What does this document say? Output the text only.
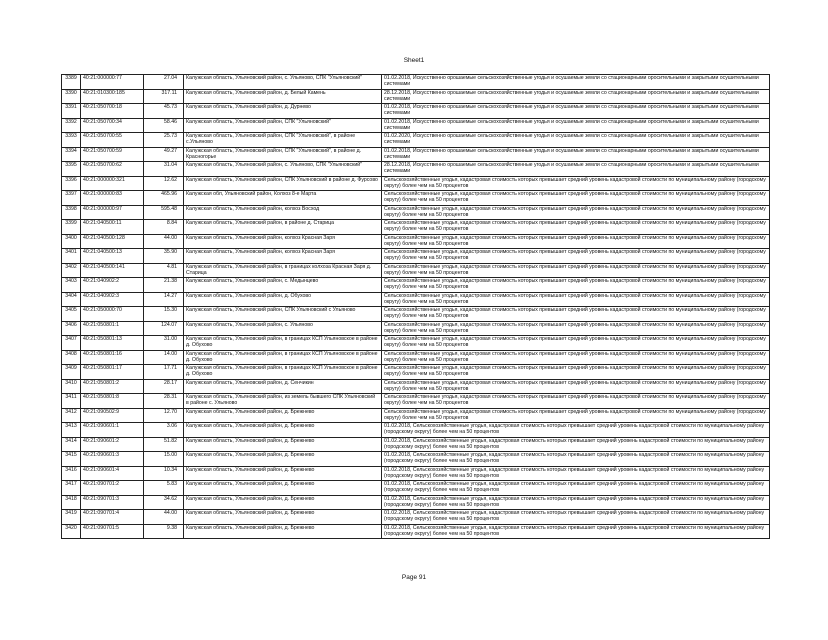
Sheet1
3389	40:21:000000:77	27.04	Калужская область, Ульяновский район, с. Ульяново, СПК "Ульяновский"	01.02.2018, Искусственно орошаемые сельскохозяйственные угодья и осушаемые земли со стационарными оросительными и закрытыми осушительными системами
3390	40:21:010300:185	317.11	Калужская область, Ульяновский район, д. Белый Камень	28.12.2018, Искусственно орошаемые сельскохозяйственные угодья и осушаемые земли со стационарными оросительными и закрытыми осушительными системами
3391	40:21:050700:18	45.73	Калужская область, Ульяновский район, д. Дурнево	01.02.2018, Искусственно орошаемые сельскохозяйственные угодья и осушаемые земли со стационарными оросительными и закрытыми осушительными системами
3392	40:21:050700:34	58.46	Калужская область, Ульяновский район, СПК "Ульяновский"	01.02.2018, Искусственно орошаемые сельскохозяйственные угодья и осушаемые земли со стационарными оросительными и закрытыми осушительными системами
3393	40:21:050700:55	25.73	Калужская область, Ульяновский район, СПК "Ульяновский", в районе с.Ульяново	01.02.2020, Искусственно орошаемые сельскохозяйственные угодья и осушаемые земли со стационарными оросительными и закрытыми осушительными системами
3394	40:21:050700:59	49.27	Калужская область, Ульяновский район, СПК "Ульяновский", в районе д. Красногорье	01.02.2018, Искусственно орошаемые сельскохозяйственные угодья и осушаемые земли со стационарными оросительными и закрытыми осушительными системами
3395	40:21:050700:62	31.04	Калужская область, Ульяновский район, с. Ульяново, СПК "Ульяновский"	28.12.2018, Искусственно орошаемые сельскохозяйственные угодья и осушаемые земли со стационарными оросительными и закрытыми осушительными системами
3396	40:21:000000:321	12.62	Калужская область, Ульяновский район, СПК Ульяновский в районе д. Фурсово	Сельскохозяйственные угодья, кадастровая стоимость которых превышает средний уровень кадастровой стоимости по муниципальному району (городскому округу) более чем на 50 процентов
3397	40:21:000000:83	465.96	Калужская обл, Ульяновский район, Колхоз 8-е Марта	Сельскохозяйственные угодья, кадастровая стоимость которых превышает средний уровень кадастровой стоимости по муниципальному району (городскому округу) более чем на 50 процентов
3398	40:21:000000:97	595.48	Калужская область, Ульяновский район, колхоз Восход	Сельскохозяйственные угодья, кадастровая стоимость которых превышает средний уровень кадастровой стоимости по муниципальному району (городскому округу) более чем на 50 процентов
3399	40:21:040500:11	8.84	Калужская область, Ульяновский район, в районе д. Старица	Сельскохозяйственные угодья, кадастровая стоимость которых превышает средний уровень кадастровой стоимости по муниципальному району (городскому округу) более чем на 50 процентов
3400	40:21:040500:128	44.00	Калужская область, Ульяновский район, колхоз Красная Заря	Сельскохозяйственные угодья, кадастровая стоимость которых превышает средний уровень кадастровой стоимости по муниципальному району (городскому округу) более чем на 50 процентов
3401	40:21:040500:13	35.90	Калужская область, Ульяновский район, колхоз Красная Заря	Сельскохозяйственные угодья, кадастровая стоимость которых превышает средний уровень кадастровой стоимости по муниципальному району (городскому округу) более чем на 50 процентов
3402	40:21:040500:141	4.81	Калужская область, Ульяновский район, в границах колхоза Красная Заря д. Старица	Сельскохозяйственные угодья, кадастровая стоимость которых превышает средний уровень кадастровой стоимости по муниципальному району (городскому округу) более чем на 50 процентов
3403	40:21:040902:2	21.38	Калужская область, Ульяновский район, с. Медынцево	Сельскохозяйственные угодья, кадастровая стоимость которых превышает средний уровень кадастровой стоимости по муниципальному району (городскому округу) более чем на 50 процентов
3404	40:21:040902:3	14.27	Калужская область, Ульяновский район, д. Обухово	Сельскохозяйственные угодья, кадастровая стоимость которых превышает средний уровень кадастровой стоимости по муниципальному району (городскому округу) более чем на 50 процентов
3405	40:21:050000:70	15.30	Калужская область, Ульяновский район, СПК Ульяновский с Ульяново	Сельскохозяйственные угодья, кадастровая стоимость которых превышает средний уровень кадастровой стоимости по муниципальному району (городскому округу) более чем на 50 процентов
3406	40:21:050801:1	124.07	Калужская область, Ульяновский район, с. Ульяново	Сельскохозяйственные угодья, кадастровая стоимость которых превышает средний уровень кадастровой стоимости по муниципальному району (городскому округу) более чем на 50 процентов
3407	40:21:050801:13	31.00	Калужская область, Ульяновский район, в границах КСП Ульяновское в районе д. Обухово	Сельскохозяйственные угодья, кадастровая стоимость которых превышает средний уровень кадастровой стоимости по муниципальному району (городскому округу) более чем на 50 процентов
3408	40:21:050801:16	14.00	Калужская область, Ульяновский район, в границах КСП Ульяновское в районе д. Обухово	Сельскохозяйственные угодья, кадастровая стоимость которых превышает средний уровень кадастровой стоимости по муниципальному району (городскому округу) более чем на 50 процентов
3409	40:21:050801:17	17.71	Калужская область, Ульяновский район, в границах КСП Ульяновское в районе д. Обухово	Сельскохозяйственные угодья, кадастровая стоимость которых превышает средний уровень кадастровой стоимости по муниципальному району (городскому округу) более чем на 50 процентов
3410	40:21:050801:2	28.17	Калужская область, Ульяновский район, д. Сенчикин	Сельскохозяйственные угодья, кадастровая стоимость которых превышает средний уровень кадастровой стоимости по муниципальному району (городскому округу) более чем на 50 процентов
3411	40:21:050801:8	28.31	Калужская область, Ульяновский район, из земель бывшего СПК Ульяновский в районе с. Ульяново	Сельскохозяйственные угодья, кадастровая стоимость которых превышает средний уровень кадастровой стоимости по муниципальному району (городскому округу) более чем на 50 процентов
3412	40:21:090502:9	12.70	Калужская область, Ульяновский район, д. Брежнево	Сельскохозяйственные угодья, кадастровая стоимость которых превышает средний уровень кадастровой стоимости по муниципальному району (городскому округу) более чем на 50 процентов
3413	40:21:090601:1	3.06	Калужская область, Ульяновский район, д. Брежнево	01.02.2018, Сельскохозяйственные угодья, кадастровая стоимость которых превышает средний уровень кадастровой стоимости по муниципальному району (городскому округу) более чем на 50 процентов
3414	40:21:090601:2	51.82	Калужская область, Ульяновский район, д. Брежнево	01.02.2018, Сельскохозяйственные угодья, кадастровая стоимость которых превышает средний уровень кадастровой стоимости по муниципальному району (городскому округу) более чем на 50 процентов
3415	40:21:090601:3	15.00	Калужская область, Ульяновский район, д. Брежнево	01.02.2018, Сельскохозяйственные угодья, кадастровая стоимость которых превышает средний уровень кадастровой стоимости по муниципальному району (городскому округу) более чем на 50 процентов
3416	40:21:090601:4	10.34	Калужская область, Ульяновский район, д. Брежнево	01.02.2018, Сельскохозяйственные угодья, кадастровая стоимость которых превышает средний уровень кадастровой стоимости по муниципальному району (городскому округу) более чем на 50 процентов
3417	40:21:090701:2	5.83	Калужская область, Ульяновский район, д. Брежнево	01.02.2018, Сельскохозяйственные угодья, кадастровая стоимость которых превышает средний уровень кадастровой стоимости по муниципальному району (городскому округу) более чем на 50 процентов
3418	40:21:090701:3	34.62	Калужская область, Ульяновский район, д. Брежнево	01.02.2018, Сельскохозяйственные угодья, кадастровая стоимость которых превышает средний уровень кадастровой стоимости по муниципальному району (городскому округу) более чем на 50 процентов
3419	40:21:090701:4	44.00	Калужская область, Ульяновский район, д. Брежнево	01.02.2018, Сельскохозяйственные угодья, кадастровая стоимость которых превышает средний уровень кадастровой стоимости по муниципальному району (городскому округу) более чем на 50 процентов
3420	40:21:090701:5	9.38	Калужская область, Ульяновский район, д. Брежнево	01.02.2018, Сельскохозяйственные угодья, кадастровая стоимость которых превышает средний уровень кадастровой стоимости по муниципальному району (городскому округу) более чем на 50 процентов
Page 91
